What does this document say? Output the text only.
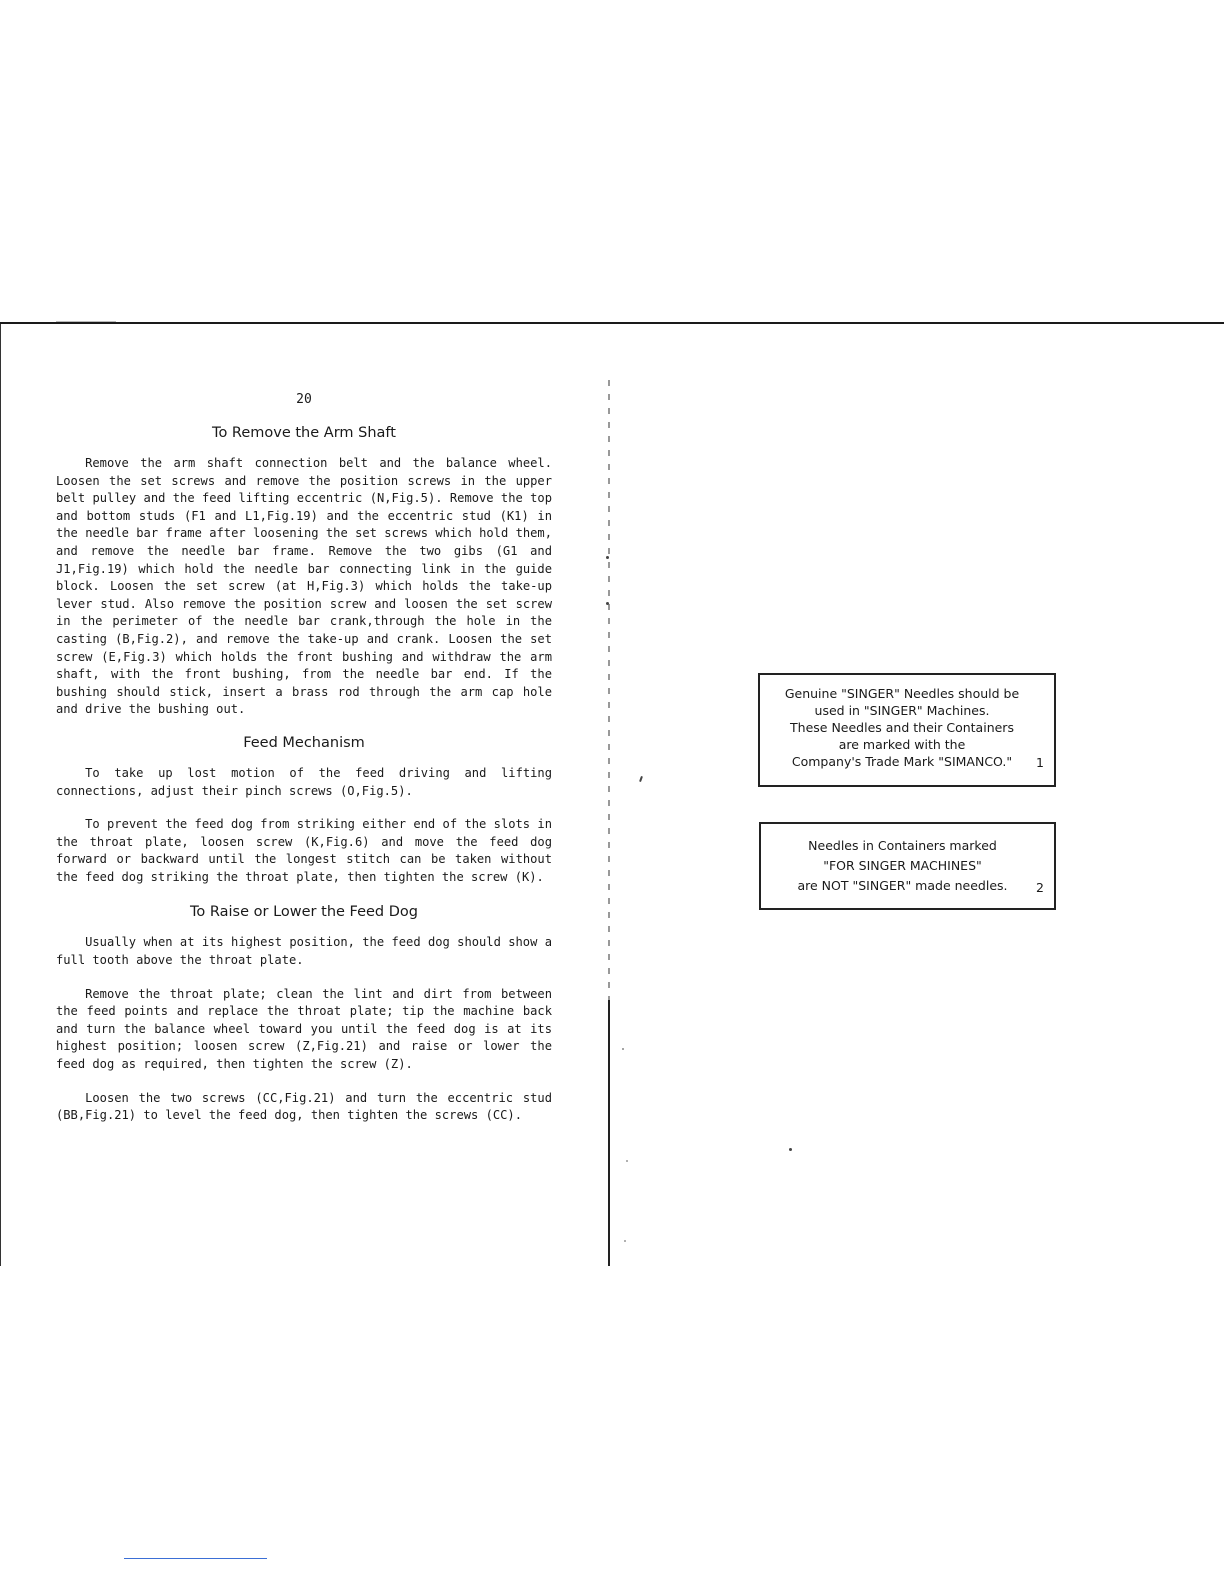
20
To Remove the Arm Shaft

Remove the arm shaft connection belt and the balance wheel. Loosen the set screws and remove the position screws in the upper belt pulley and the feed lifting eccentric (N,Fig.5). Remove the top and bottom studs (F1 and L1,Fig.19) and the eccentric stud (K1) in the needle bar frame after loosening the set screws which hold them, and remove the needle bar frame. Remove the two gibs (G1 and J1,Fig.19) which hold the needle bar connecting link in the guide block. Loosen the set screw (at H,Fig.3) which holds the take-up lever stud. Also remove the position screw and loosen the set screw in the perimeter of the needle bar crank,through the hole in the casting (B,Fig.2), and remove the take-up and crank. Loosen the set screw (E,Fig.3) which holds the front bushing and withdraw the arm shaft, with the front bushing, from the needle bar end. If the bushing should stick, insert a brass rod through the arm cap hole and drive the bushing out.

Feed Mechanism

To take up lost motion of the feed driving and lifting connections, adjust their pinch screws (O,Fig.5).

To prevent the feed dog from striking either end of the slots in the throat plate, loosen screw (K,Fig.6) and move the feed dog forward or backward until the longest stitch can be taken without the feed dog striking the throat plate, then tighten the screw (K).

To Raise or Lower the Feed Dog

Usually when at its highest position, the feed dog should show a full tooth above the throat plate.

Remove the throat plate; clean the lint and dirt from between the feed points and replace the throat plate; tip the machine back and turn the balance wheel toward you until the feed dog is at its highest position; loosen screw (Z,Fig.21) and raise or lower the feed dog as required, then tighten the screw (Z).

Loosen the two screws (CC,Fig.21) and turn the eccentric stud (BB,Fig.21) to level the feed dog, then tighten the screws (CC).

Genuine "SINGER" Needles should be
used in "SINGER" Machines.
These Needles and their Containers
are marked with the
Company's Trade Mark "SIMANCO."	1
Needles in Containers marked
"FOR SINGER MACHINES"
are NOT "SINGER" made needles.	2
